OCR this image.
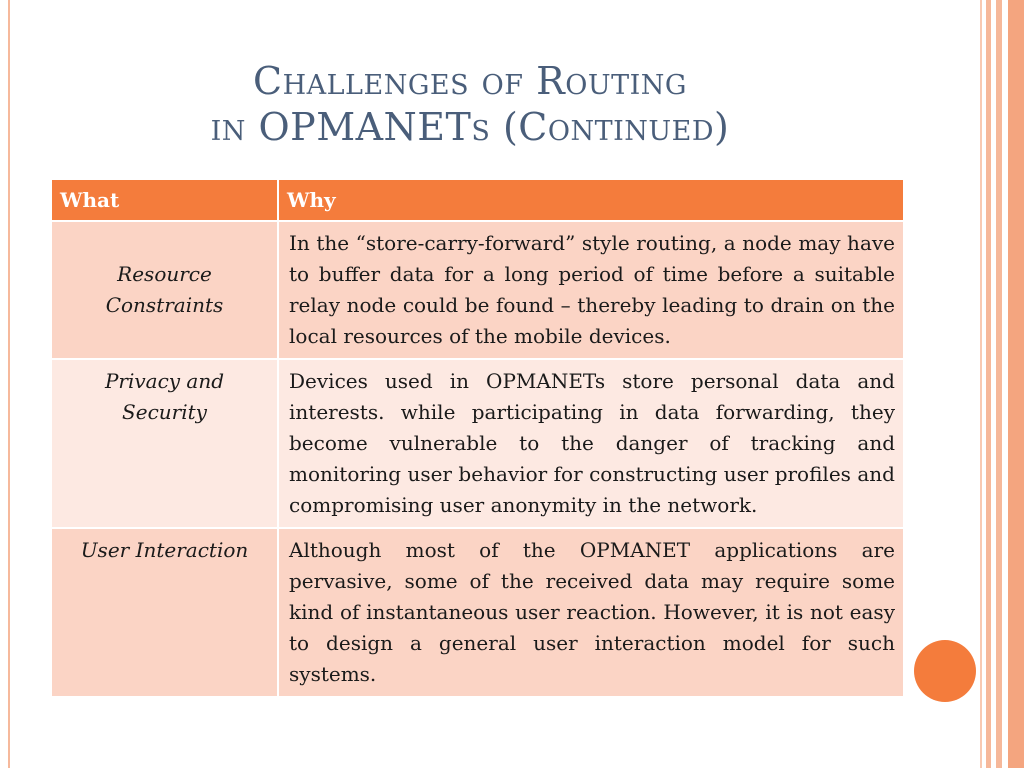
Challenges of Routing
in OPMANETs (Continued)
What	Why
Resource Constraints	In the “store-carry-forward” style routing, a node may have to buffer data for a long period of time before a suitable relay node could be found – thereby leading to drain on the local resources of the mobile devices.
Privacy and Security	Devices used in OPMANETs store personal data and interests. while participating in data forwarding, they become vulnerable to the danger of tracking and monitoring user behavior for constructing user profiles and compromising user anonymity in the network.
User Interaction	Although most of the OPMANET applications are pervasive, some of the received data may require some kind of instantaneous user reaction. However, it is not easy to design a general user interaction model for such systems.
